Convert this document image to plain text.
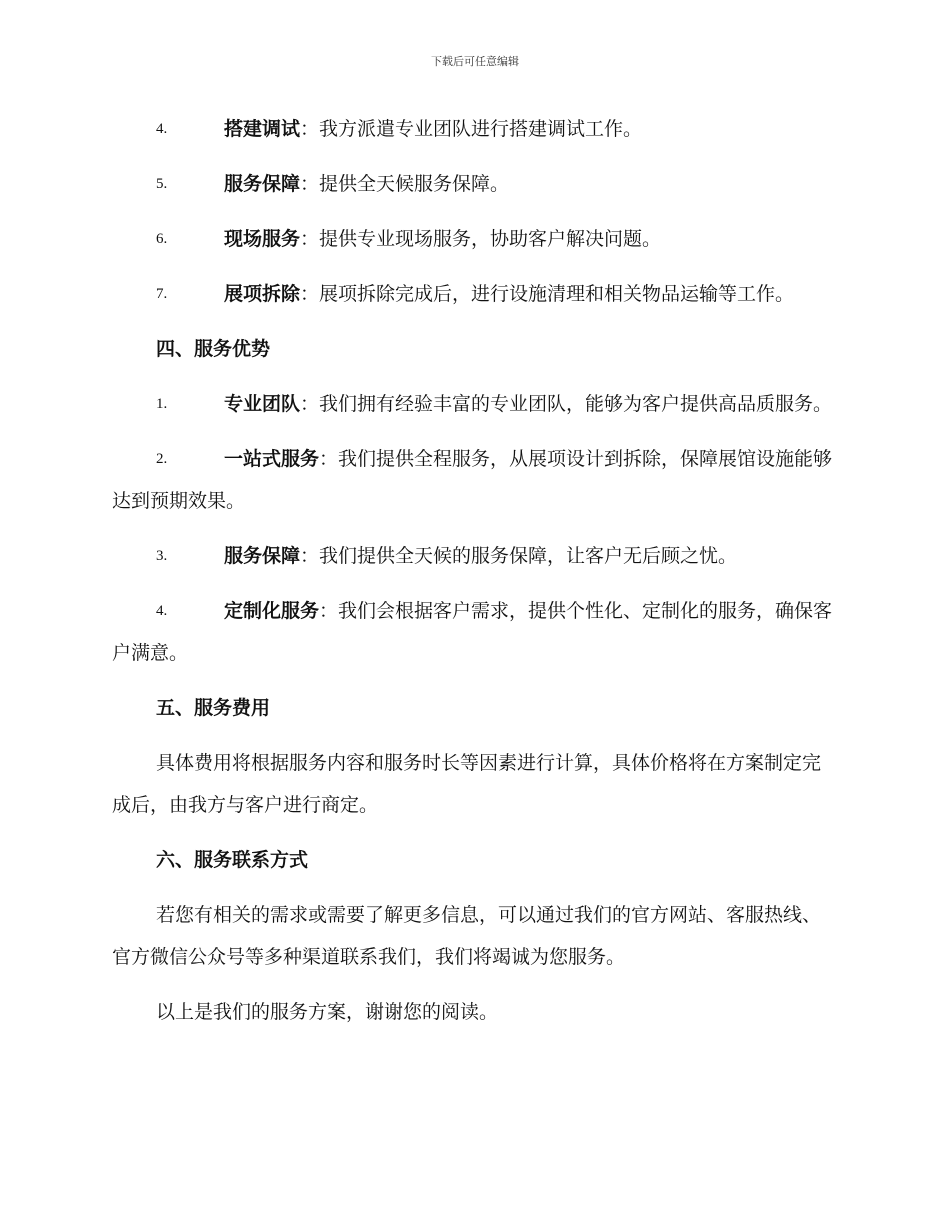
下载后可任意编辑
4.	搭建调试：我方派遣专业团队进行搭建调试工作。
5.	服务保障：提供全天候服务保障。
6.	现场服务：提供专业现场服务，协助客户解决问题。
7.	展项拆除：展项拆除完成后，进行设施清理和相关物品运输等工作。
四、服务优势
1.	专业团队：我们拥有经验丰富的专业团队，能够为客户提供高品质服务。
2.	一站式服务：我们提供全程服务，从展项设计到拆除，保障展馆设施能够达到预期效果。
3.	服务保障：我们提供全天候的服务保障，让客户无后顾之忧。
4.	定制化服务：我们会根据客户需求，提供个性化、定制化的服务，确保客户满意。
五、服务费用
具体费用将根据服务内容和服务时长等因素进行计算，具体价格将在方案制定完成后，由我方与客户进行商定。
六、服务联系方式
若您有相关的需求或需要了解更多信息，可以通过我们的官方网站、客服热线、官方微信公众号等多种渠道联系我们，我们将竭诚为您服务。
以上是我们的服务方案，谢谢您的阅读。
